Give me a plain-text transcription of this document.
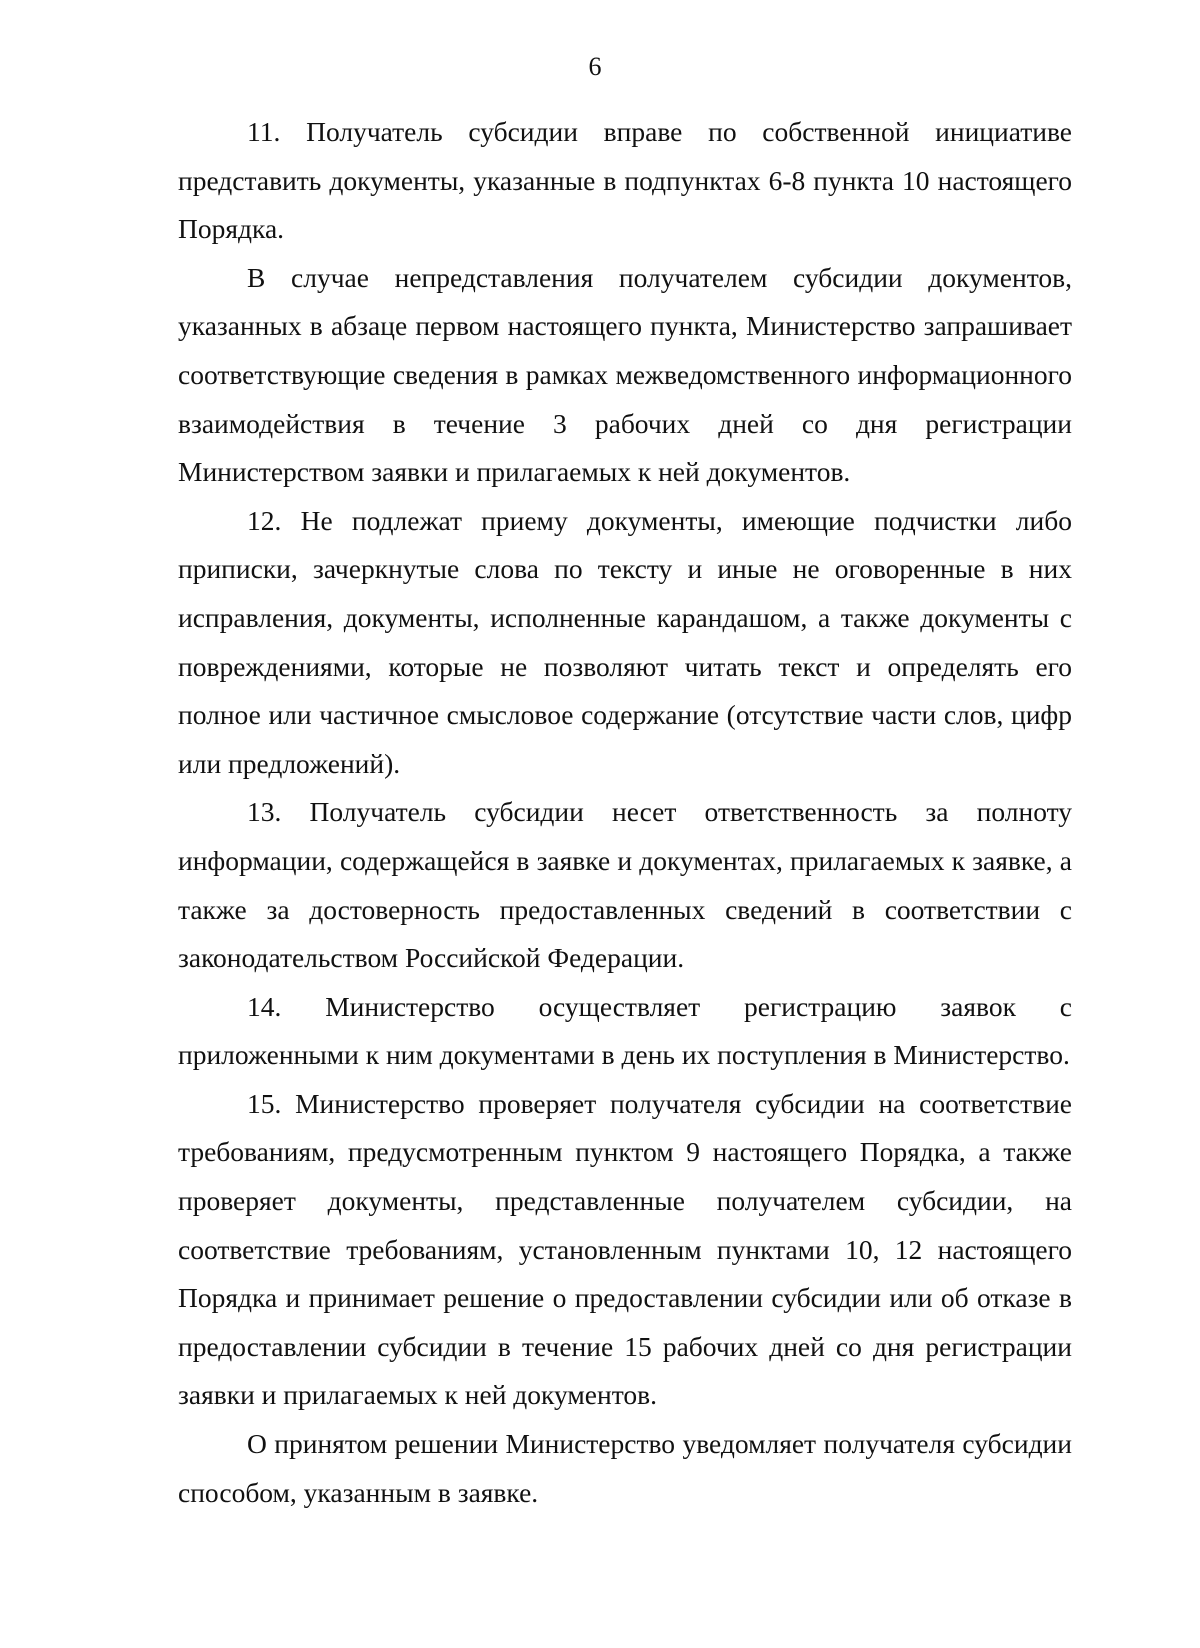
6

11. Получатель субсидии вправе по собственной инициативе представить документы, указанные в подпунктах 6-8 пункта 10 настоящего Порядка.

В случае непредставления получателем субсидии документов, указанных в абзаце первом настоящего пункта, Министерство запрашивает соответствующие сведения в рамках межведомственного информационного взаимодействия в течение 3 рабочих дней со дня регистрации Министерством заявки и прилагаемых к ней документов.

12. Не подлежат приему документы, имеющие подчистки либо приписки, зачеркнутые слова по тексту и иные не оговоренные в них исправления, документы, исполненные карандашом, а также документы с повреждениями, которые не позволяют читать текст и определять его полное или частичное смысловое содержание (отсутствие части слов, цифр или предложений).

13. Получатель субсидии несет ответственность за полноту информации, содержащейся в заявке и документах, прилагаемых к заявке, а также за достоверность предоставленных сведений в соответствии с законодательством Российской Федерации.

14. Министерство осуществляет регистрацию заявок с приложенными к ним документами в день их поступления в Министерство.

15. Министерство проверяет получателя субсидии на соответствие требованиям, предусмотренным пунктом 9 настоящего Порядка, а также проверяет документы, представленные получателем субсидии, на соответствие требованиям, установленным пунктами 10, 12 настоящего Порядка и принимает решение о предоставлении субсидии или об отказе в предоставлении субсидии в течение 15 рабочих дней со дня регистрации заявки и прилагаемых к ней документов.

О принятом решении Министерство уведомляет получателя субсидии способом, указанным в заявке.
